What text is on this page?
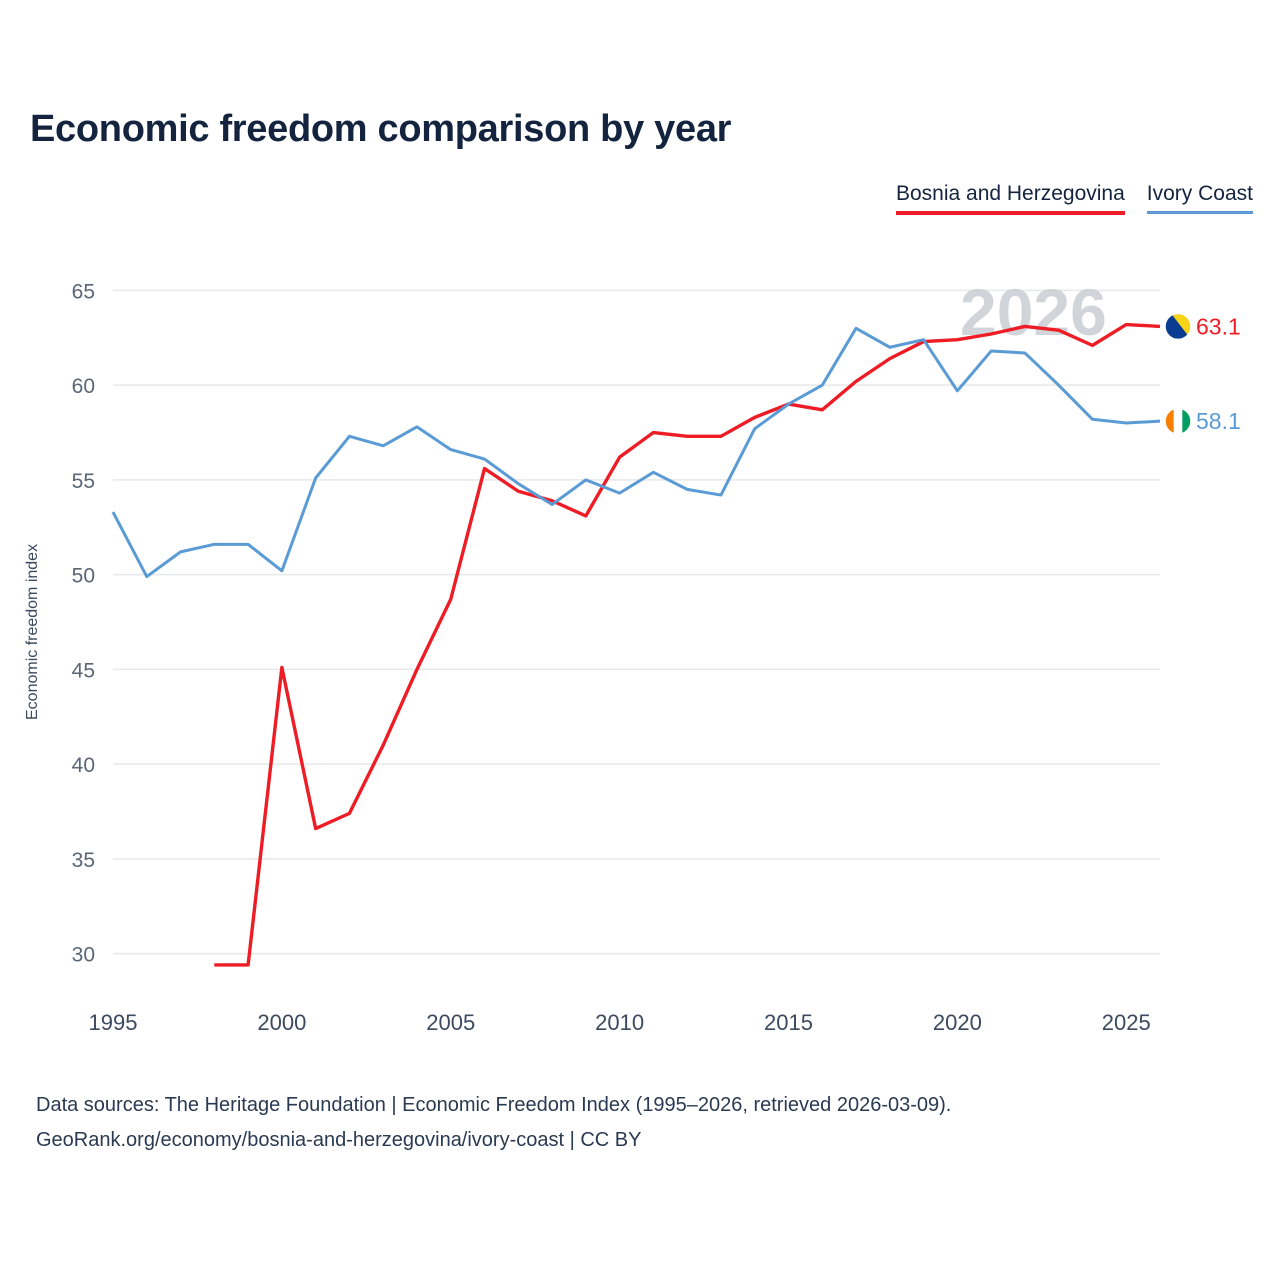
Economic freedom comparison by year
Bosnia and Herzegovina Ivory Coast
Economic freedom index
30
35
40
45
50
55
60
65
1995	2000	2005	2010	2015	2020	2025
2026	63.1
58.1
Data sources: The Heritage Foundation | Economic Freedom Index (1995–2026, retrieved 2026-03-09).
GeoRank.org/economy/bosnia-and-herzegovina/ivory-coast | CC BY
